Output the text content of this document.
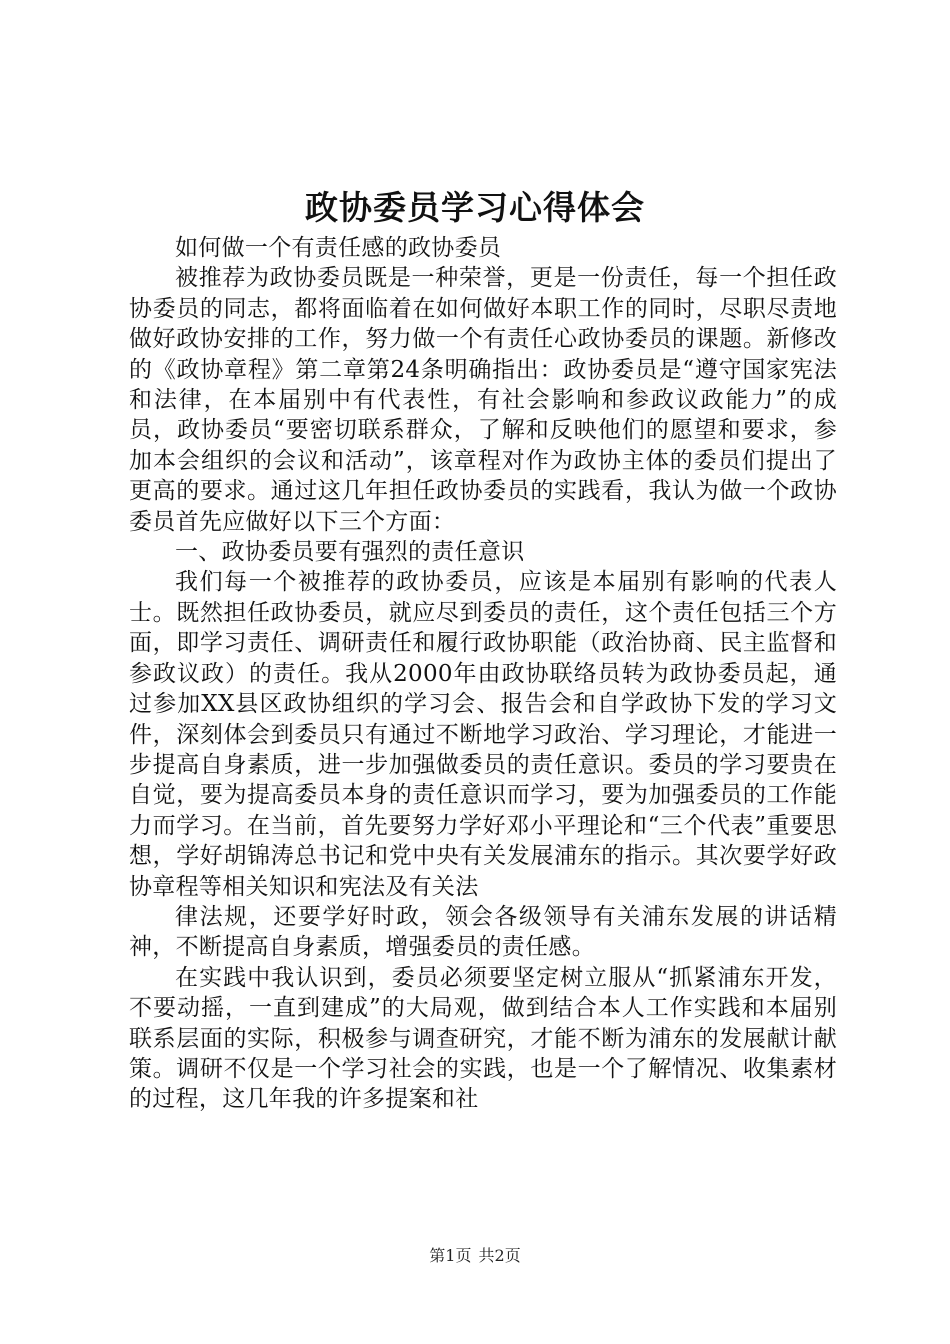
政协委员学习心得体会

如何做一个有责任感的政协委员

被推荐为政协委员既是一种荣誉，更是一份责任，每一个担任政协委员的同志，都将面临着在如何做好本职工作的同时，尽职尽责地做好政协安排的工作，努力做一个有责任心政协委员的课题。新修改的《政协章程》第二章第24条明确指出：政协委员是“遵守国家宪法和法律，在本届别中有代表性，有社会影响和参政议政能力”的成员，政协委员“要密切联系群众，了解和反映他们的愿望和要求，参加本会组织的会议和活动”，该章程对作为政协主体的委员们提出了更高的要求。通过这几年担任政协委员的实践看，我认为做一个政协委员首先应做好以下三个方面：

一、政协委员要有强烈的责任意识

我们每一个被推荐的政协委员，应该是本届别有影响的代表人士。既然担任政协委员，就应尽到委员的责任，这个责任包括三个方面，即学习责任、调研责任和履行政协职能（政治协商、民主监督和参政议政）的责任。我从2000年由政协联络员转为政协委员起，通过参加XX县区政协组织的学习会、报告会和自学政协下发的学习文件，深刻体会到委员只有通过不断地学习政治、学习理论，才能进一步提高自身素质，进一步加强做委员的责任意识。委员的学习要贵在自觉，要为提高委员本身的责任意识而学习，要为加强委员的工作能力而学习。在当前，首先要努力学好邓小平理论和“三个代表”重要思想，学好胡锦涛总书记和党中央有关发展浦东的指示。其次要学好政协章程等相关知识和宪法及有关法

律法规，还要学好时政，领会各级领导有关浦东发展的讲话精神，不断提高自身素质，增强委员的责任感。

在实践中我认识到，委员必须要坚定树立服从“抓紧浦东开发，不要动摇，一直到建成”的大局观，做到结合本人工作实践和本届别联系层面的实际，积极参与调查研究，才能不断为浦东的发展献计献策。调研不仅是一个学习社会的实践，也是一个了解情况、收集素材的过程，这几年我的许多提案和社

第1页 共2页
